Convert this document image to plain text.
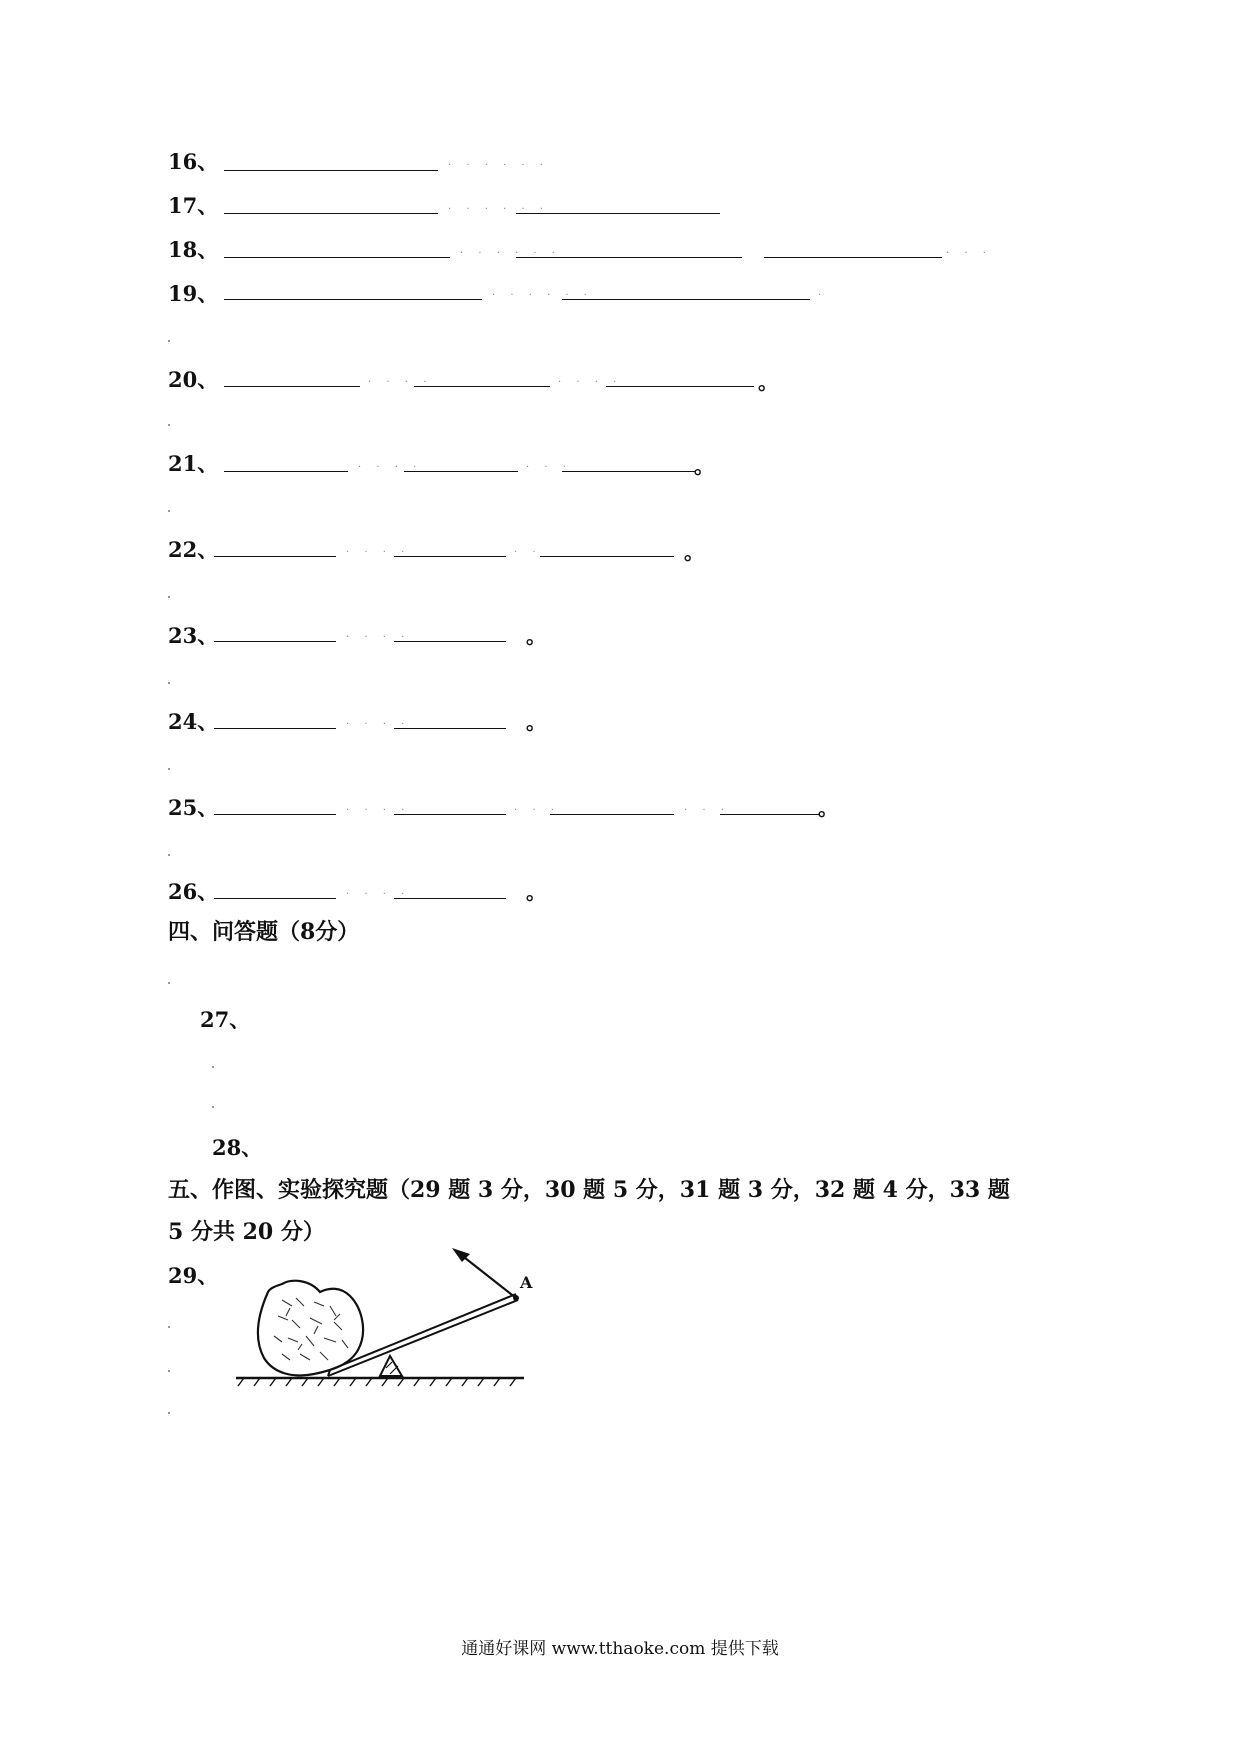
16、	· · · · · ·
17、	· · · · · ·
18、	· · · · · ·	· · ·
19、	· · · · · ·	·
20、	· · · ·	· · · ·	。
21、	· · · ·	· · ·	。
22、	· · · ·	· ·	。
23、	· · · ·	。
24、	· · · ·	。
25、	· · · ·	· · ·	· · ·	。
26、	· · · ·	。
四、问答题（8分）
27、
28、
五、作图、实验探究题（29 题 3 分，30 题 5 分，31 题 3 分，32 题 4 分，33 题
5 分共 20 分）
29、	A
通通好课网 www.tthaoke.com 提供下载
